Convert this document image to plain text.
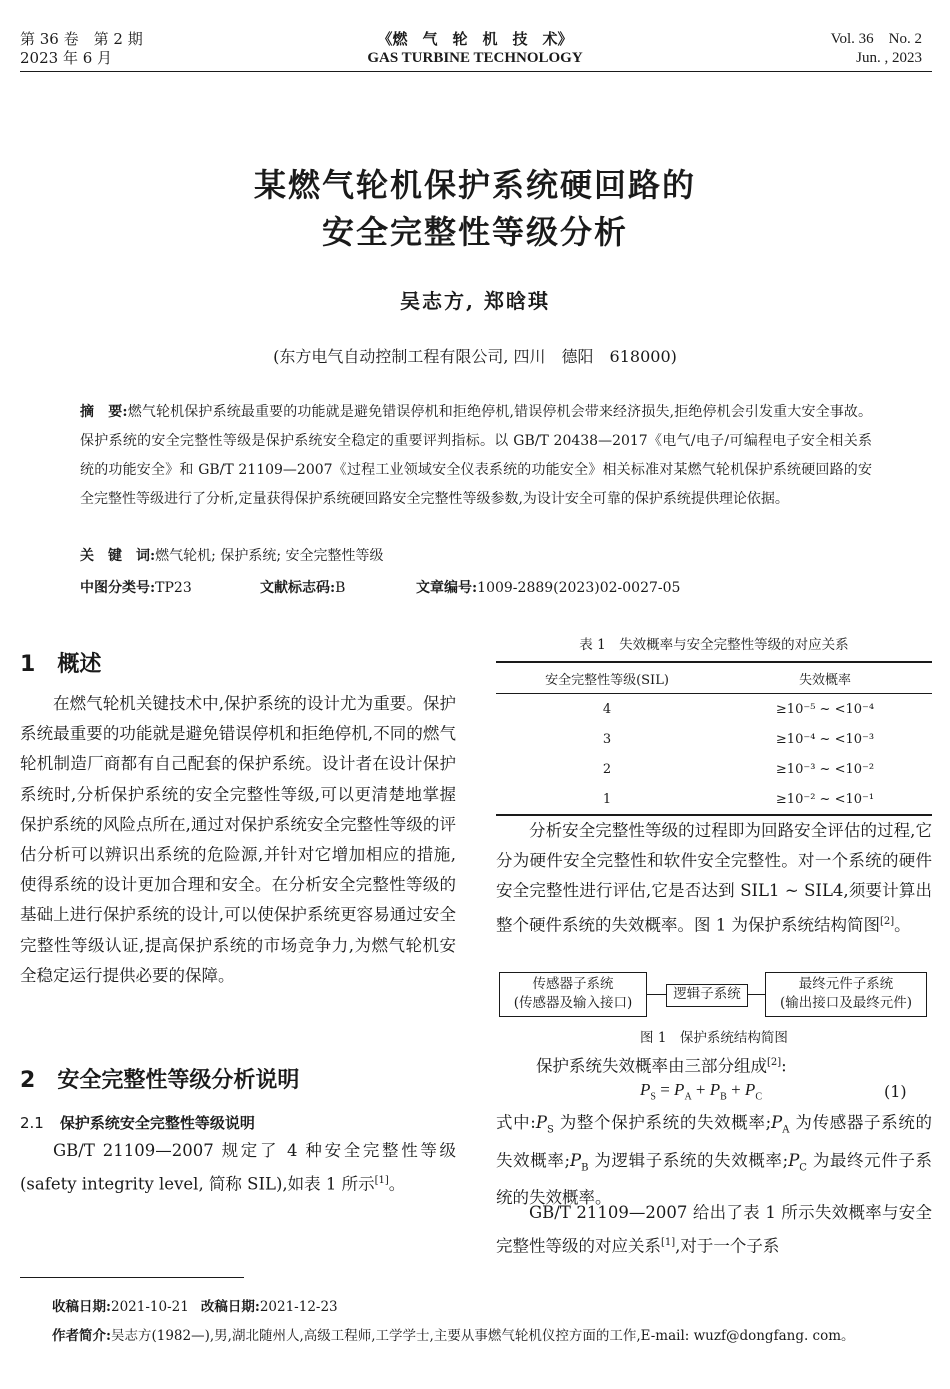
第 36 卷　第 2 期
2023 年 6 月
《燃　气　轮　机　技　术》
GAS TURBINE TECHNOLOGY
Vol. 36　No. 2
Jun. , 2023
某燃气轮机保护系统硬回路的
安全完整性等级分析
吴志方, 郑晗琪
(东方电气自动控制工程有限公司, 四川　德阳　618000)
摘　要:燃气轮机保护系统最重要的功能就是避免错误停机和拒绝停机,错误停机会带来经济损失,拒绝停机会引发重大安全事故。保护系统的安全完整性等级是保护系统安全稳定的重要评判指标。以 GB/T 20438—2017《电气/电子/可编程电子安全相关系统的功能安全》和 GB/T 21109—2007《过程工业领域安全仪表系统的功能安全》相关标准对某燃气轮机保护系统硬回路的安全完整性等级进行了分析,定量获得保护系统硬回路安全完整性等级参数,为设计安全可靠的保护系统提供理论依据。
关　键　词:燃气轮机; 保护系统; 安全完整性等级
中图分类号:TP23	文献标志码:B	文章编号:1009-2889(2023)02-0027-05
1 概述
在燃气轮机关键技术中,保护系统的设计尤为重要。保护系统最重要的功能就是避免错误停机和拒绝停机,不同的燃气轮机制造厂商都有自己配套的保护系统。设计者在设计保护系统时,分析保护系统的安全完整性等级,可以更清楚地掌握保护系统的风险点所在,通过对保护系统安全完整性等级的评估分析可以辨识出系统的危险源,并针对它增加相应的措施,使得系统的设计更加合理和安全。在分析安全完整性等级的基础上进行保护系统的设计,可以使保护系统更容易通过安全完整性等级认证,提高保护系统的市场竞争力,为燃气轮机安全稳定运行提供必要的保障。
2 安全完整性等级分析说明
2.1 保护系统安全完整性等级说明
GB/T 21109—2007 规定了 4 种安全完整性等级(safety integrity level, 简称 SIL),如表 1 所示[1]。
表 1　失效概率与安全完整性等级的对应关系
安全完整性等级(SIL)	失效概率
4	≥10⁻⁵ ~ <10⁻⁴
3	≥10⁻⁴ ~ <10⁻³
2	≥10⁻³ ~ <10⁻²
1	≥10⁻² ~ <10⁻¹
分析安全完整性等级的过程即为回路安全评估的过程,它分为硬件安全完整性和软件安全完整性。对一个系统的硬件安全完整性进行评估,它是否达到 SIL1 ~ SIL4,须要计算出整个硬件系统的失效概率。图 1 为保护系统结构简图[2]。
传感器子系统
(传感器及输入接口)
逻辑子系统
最终元件子系统
(输出接口及最终元件)
图 1　保护系统结构简图
保护系统失效概率由三部分组成[2]:
$P_S = P_A + P_B + P_C$	(1)
式中$:P_S$ 为整个保护系统的失效概率$;P_A$ 为传感器子系统的失效概率$;P_B$ 为逻辑子系统的失效概率$;P_C$ 为最终元件子系统的失效概率。
GB/T 21109—2007 给出了表 1 所示失效概率与安全完整性等级的对应关系[1],对于一个子系
收稿日期:2021-10-21 改稿日期:2021-12-23
作者简介:吴志方(1982—),男,湖北随州人,高级工程师,工学学士,主要从事燃气轮机仪控方面的工作,E-mail: wuzf@dongfang. com。
